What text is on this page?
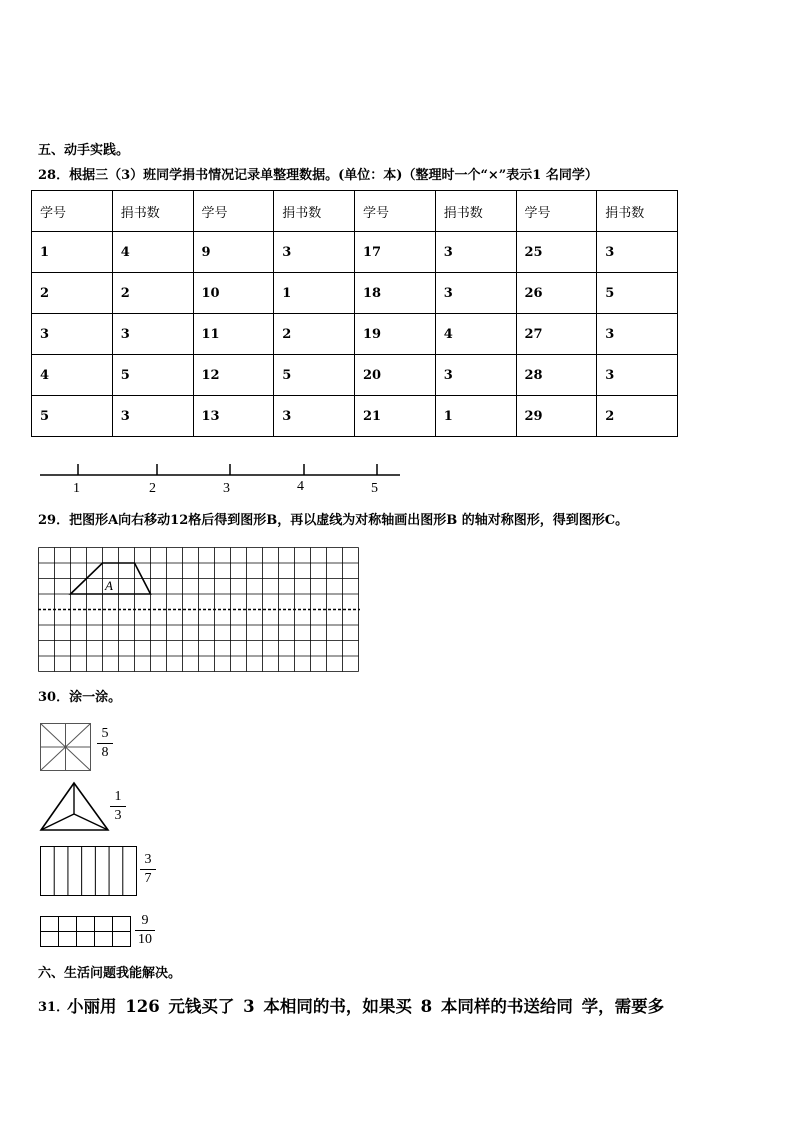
五、动手实践。
28．根据三（3）班同学捐书情况记录单整理数据。(单位：本)（整理时一个“×”表示1 名同学）
学号	捐书数	学号	捐书数	学号	捐书数	学号	捐书数
1	4	9	3	17	3	25	3
2	2	10	1	18	3	26	5
3	3	11	2	19	4	27	3
4	5	12	5	20	3	28	3
5	3	13	3	21	1	29	2
1	2	3	4	5
29．把图形A向右移动12格后得到图形B，再以虚线为对称轴画出图形B 的轴对称图形，得到图形C。
A
30．涂一涂。
5
8
1
3
3
7
9
10
六、生活问题我能解决。
31．
小丽用 126 元钱买了 3 本相同的书，如果买 8 本同样的书送给同 学，需要多
